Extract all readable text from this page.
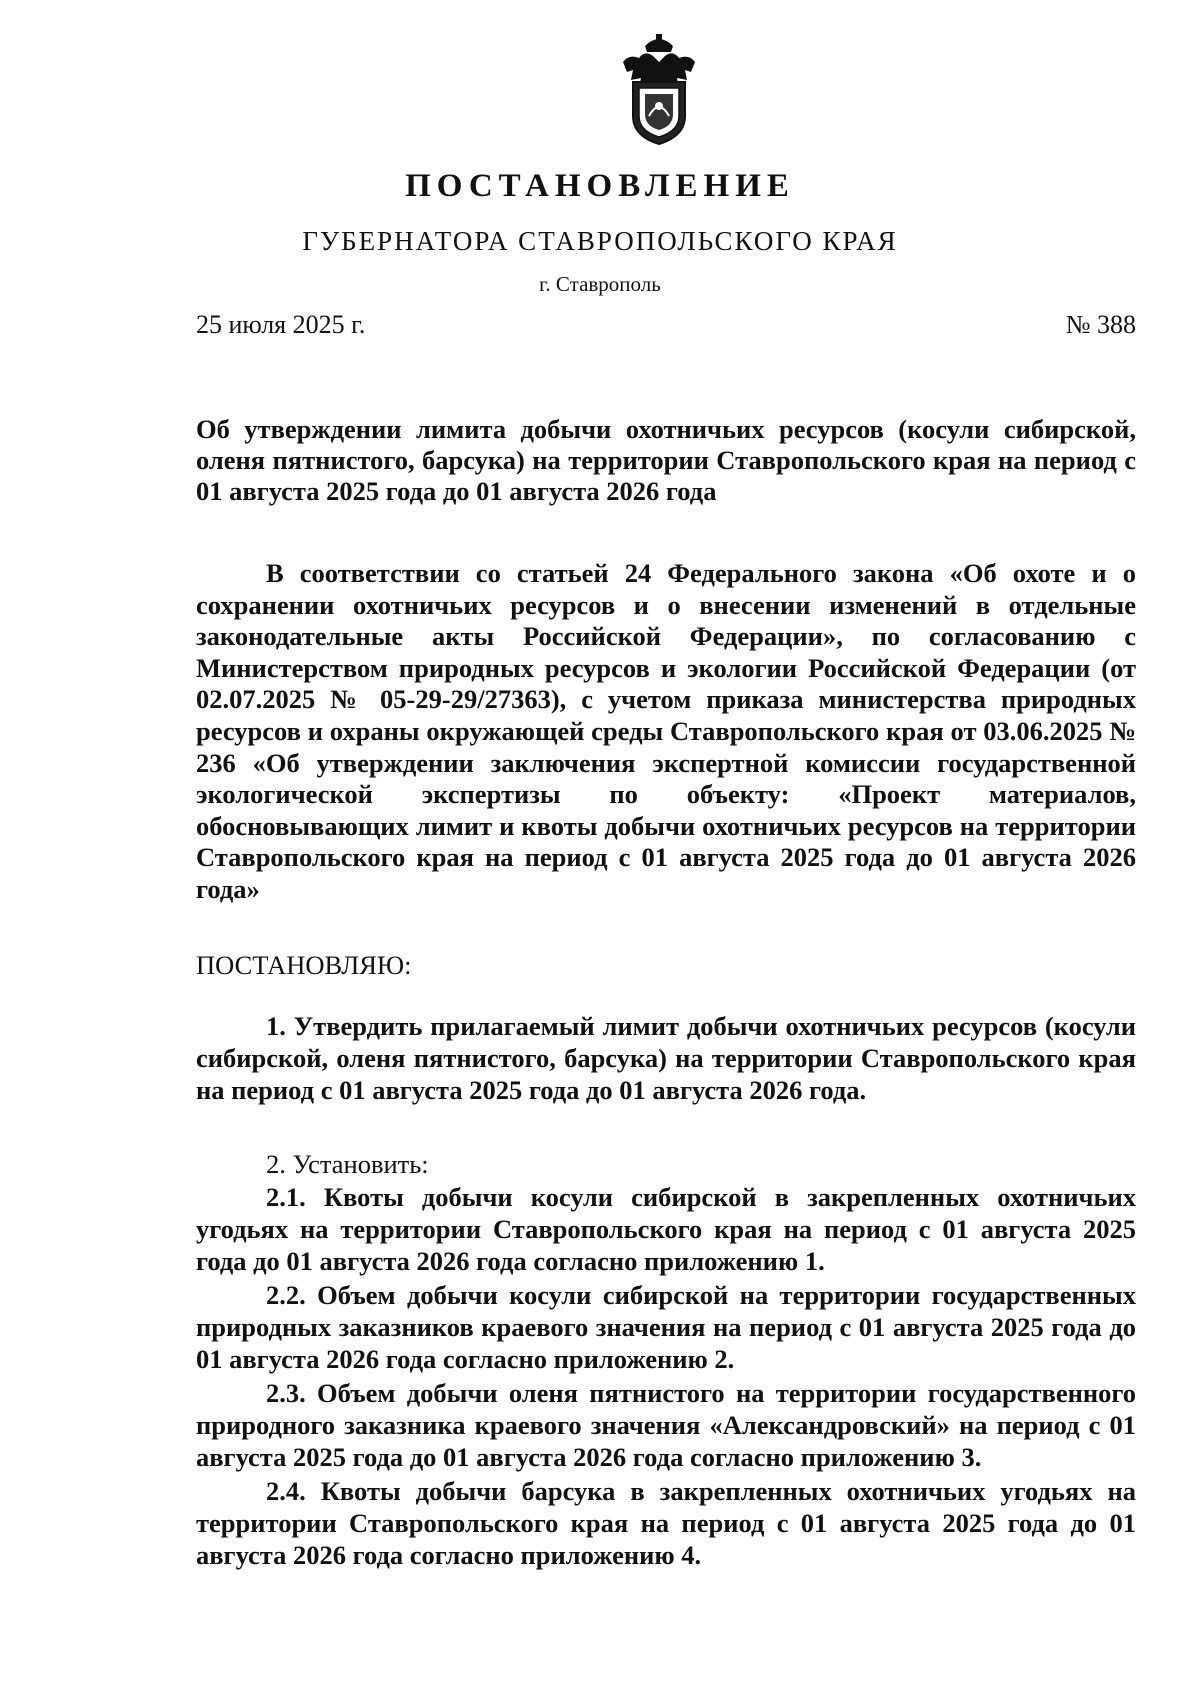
ПОСТАНОВЛЕНИЕ
ГУБЕРНАТОРА СТАВРОПОЛЬСКОГО КРАЯ
г. Ставрополь
25 июля 2025 г.	№ 388

Об утверждении лимита добычи охотничьих ресурсов (косули сибирской, оленя пятнистого, барсука) на территории Ставропольского края на период с 01 августа 2025 года до 01 августа 2026 года

В соответствии со статьей 24 Федерального закона «Об охоте и о сохранении охотничьих ресурсов и о внесении изменений в отдельные законодательные акты Российской Федерации», по согласованию с Министерством природных ресурсов и экологии Российской Федерации (от 02.07.2025 № 05-29-29/27363), с учетом приказа министерства природных ресурсов и охраны окружающей среды Ставропольского края от 03.06.2025 № 236 «Об утверждении заключения экспертной комиссии государственной экологической экспертизы по объекту: «Проект материалов, обосновывающих лимит и квоты добычи охотничьих ресурсов на территории Ставропольского края на период с 01 августа 2025 года до 01 августа 2026 года»

ПОСТАНОВЛЯЮ:

1. Утвердить прилагаемый лимит добычи охотничьих ресурсов (косули сибирской, оленя пятнистого, барсука) на территории Ставропольского края на период с 01 августа 2025 года до 01 августа 2026 года.

2. Установить:

2.1. Квоты добычи косули сибирской в закрепленных охотничьих угодьях на территории Ставропольского края на период с 01 августа 2025 года до 01 августа 2026 года согласно приложению 1.

2.2. Объем добычи косули сибирской на территории государственных природных заказников краевого значения на период с 01 августа 2025 года до 01 августа 2026 года согласно приложению 2.

2.3. Объем добычи оленя пятнистого на территории государственного природного заказника краевого значения «Александровский» на период с 01 августа 2025 года до 01 августа 2026 года согласно приложению 3.

2.4. Квоты добычи барсука в закрепленных охотничьих угодьях на территории Ставропольского края на период с 01 августа 2025 года до 01 августа 2026 года согласно приложению 4.
